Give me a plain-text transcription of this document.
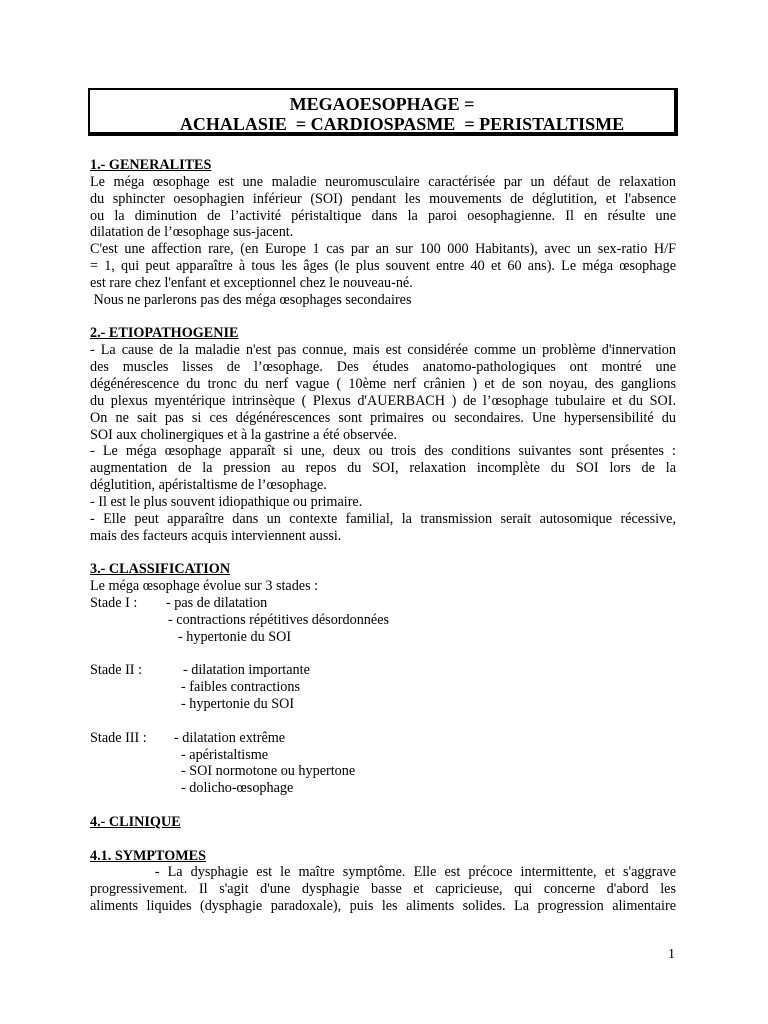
MEGAOESOPHAGE =
ACHALASIE  = CARDIOSPASME  = PERISTALTISME

1.- GENERALITES

Le méga œsophage est une maladie neuromusculaire caractérisée par un défaut de relaxation

du sphincter oesophagien inférieur (SOI) pendant les mouvements de déglutition, et l'absence

ou la diminution de l’activité péristaltique dans la paroi oesophagienne. Il en résulte une

dilatation de l’œsophage sus-jacent.

C'est une affection rare, (en Europe 1 cas par an sur 100 000 Habitants), avec un sex-ratio H/F

= 1, qui peut apparaître à tous les âges (le plus souvent entre 40 et 60 ans). Le méga œsophage

est rare chez l'enfant et exceptionnel chez le nouveau-né.

Nous ne parlerons pas des méga œsophages secondaires

2.- ETIOPATHOGENIE

- La cause de la maladie n'est pas connue, mais est considérée comme un problème d'innervation

des muscles lisses de l’œsophage. Des études anatomo-pathologiques ont montré une

dégénérescence du tronc du nerf vague ( 10ème nerf crânien ) et de son noyau, des ganglions

du plexus myentérique intrinsèque ( Plexus d'AUERBACH ) de l’œsophage tubulaire et du SOI.

On ne sait pas si ces dégénérescences sont primaires ou secondaires. Une hypersensibilité du

SOI aux cholinergiques et à la gastrine a été observée.

- Le méga œsophage apparaît si une, deux ou trois des conditions suivantes sont présentes :

augmentation de la pression au repos du SOI, relaxation incomplète du SOI lors de la

déglutition, apéristaltisme de l’œsophage.

- Il est le plus souvent idiopathique ou primaire.

- Elle peut apparaître dans un contexte familial, la transmission serait autosomique récessive,

mais des facteurs acquis interviennent aussi.

3.- CLASSIFICATION

Le méga œsophage évolue sur 3 stades :

Stade I : - pas de dilatation
- contractions répétitives désordonnées
- hypertonie du SOI
Stade II :	- dilatation importante
- faibles contractions
- hypertonie du SOI
Stade III : - dilatation extrême
- apéristaltisme
- SOI normotone ou hypertone
- dolicho-œsophage

4.- CLINIQUE

4.1. SYMPTOMES

- La dysphagie est le maître symptôme. Elle est précoce intermittente, et s'aggrave

progressivement. Il s'agit d'une dysphagie basse et capricieuse, qui concerne d'abord les

aliments liquides (dysphagie paradoxale), puis les aliments solides. La progression alimentaire

1
